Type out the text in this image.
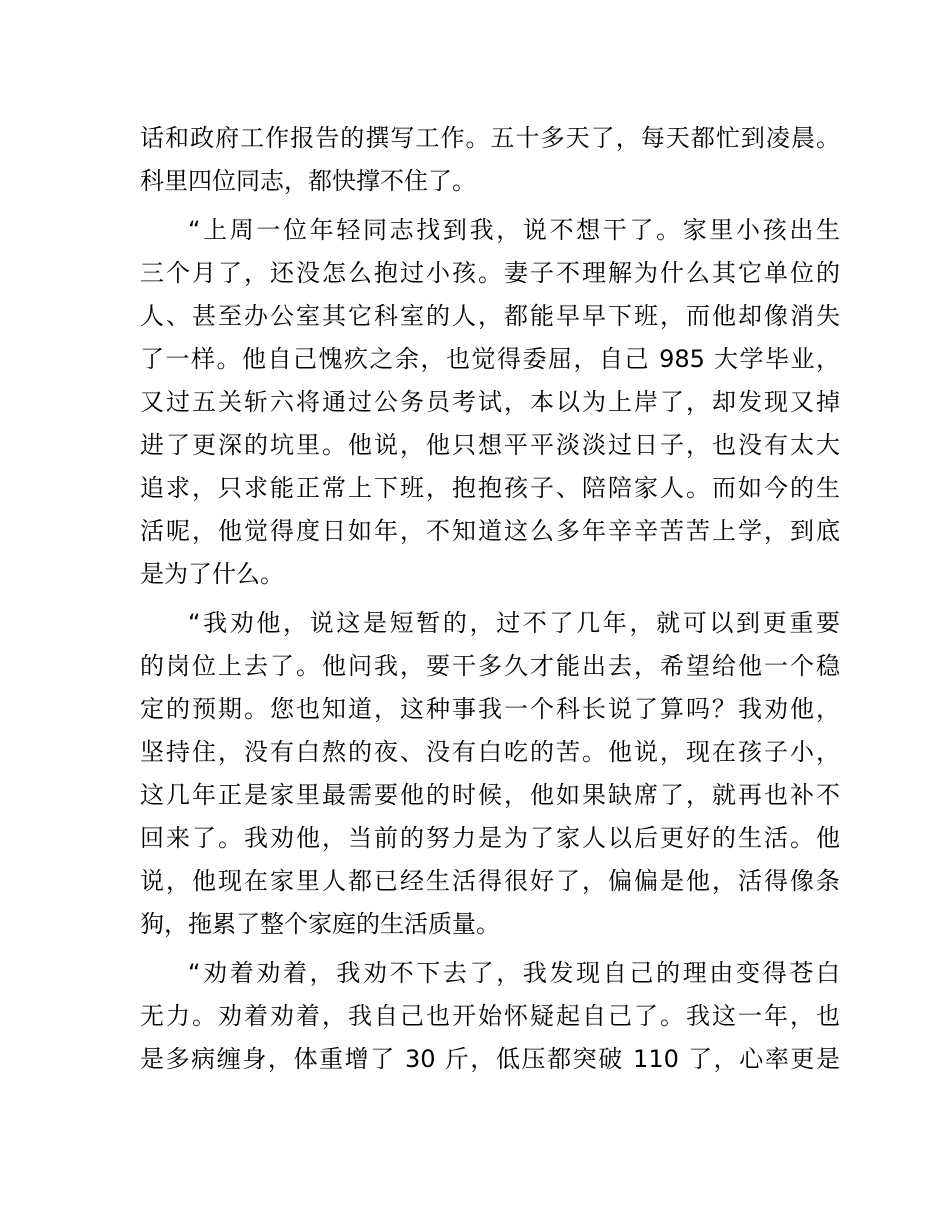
话和政府工作报告的撰写工作。五十多天了，每天都忙到凌晨。
科里四位同志，都快撑不住了。
“上周一位年轻同志找到我，说不想干了。家里小孩出生
三个月了，还没怎么抱过小孩。妻子不理解为什么其它单位的
人、甚至办公室其它科室的人，都能早早下班，而他却像消失
了一样。他自己愧疚之余，也觉得委屈，自己 985 大学毕业，
又过五关斩六将通过公务员考试，本以为上岸了，却发现又掉
进了更深的坑里。他说，他只想平平淡淡过日子，也没有太大
追求，只求能正常上下班，抱抱孩子、陪陪家人。而如今的生
活呢，他觉得度日如年，不知道这么多年辛辛苦苦上学，到底
是为了什么。
“我劝他，说这是短暂的，过不了几年，就可以到更重要
的岗位上去了。他问我，要干多久才能出去，希望给他一个稳
定的预期。您也知道，这种事我一个科长说了算吗？我劝他，
坚持住，没有白熬的夜、没有白吃的苦。他说，现在孩子小，
这几年正是家里最需要他的时候，他如果缺席了，就再也补不
回来了。我劝他，当前的努力是为了家人以后更好的生活。他
说，他现在家里人都已经生活得很好了，偏偏是他，活得像条
狗，拖累了整个家庭的生活质量。
“劝着劝着，我劝不下去了，我发现自己的理由变得苍白
无力。劝着劝着，我自己也开始怀疑起自己了。我这一年，也
是多病缠身，体重增了 30 斤，低压都突破 110 了，心率更是
